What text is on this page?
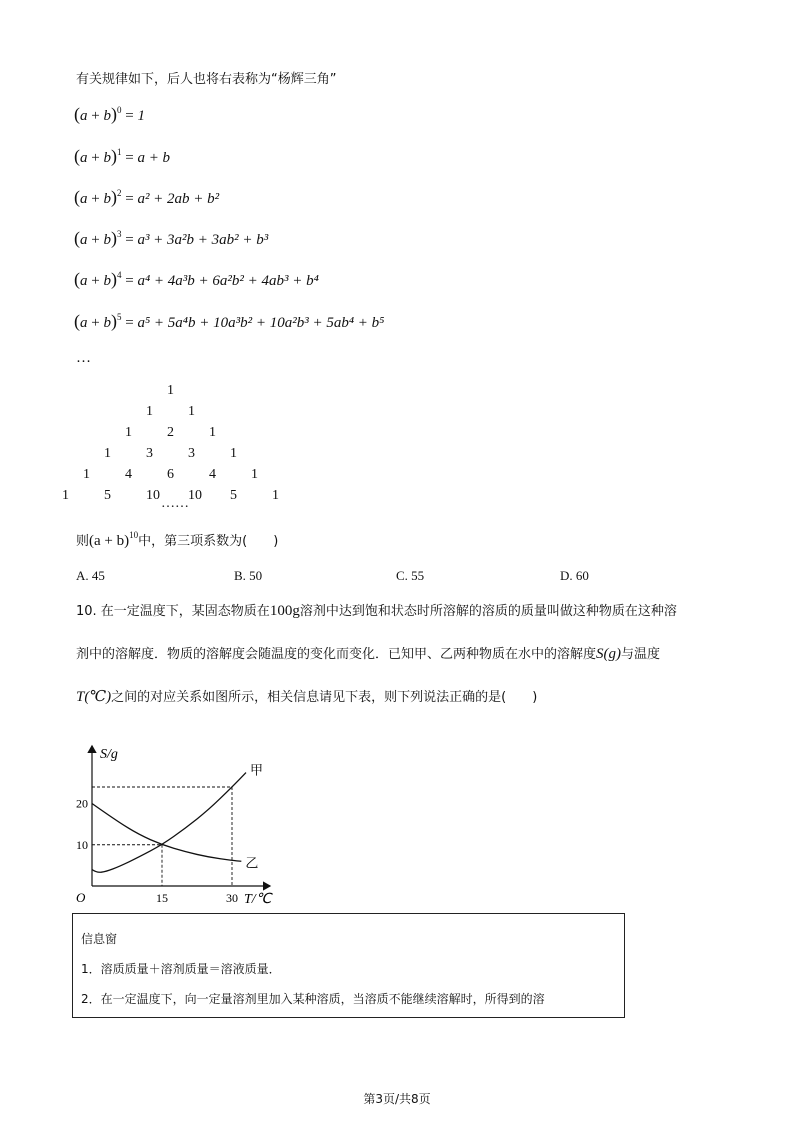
有关规律如下，后人也将右表称为“杨辉三角”
$(a + b)^0 = 1$
$(a + b)^1 = a + b$
$(a + b)^2 = a^2 + 2ab + b^2$
$(a + b)^3 = a^3 + 3a^2b + 3ab^2 + b^3$
$(a + b)^4 = a^4 + 4a^3b + 6a^2b^2 + 4ab^3 + b^4$
$(a + b)^5 = a^5 + 5a^4b + 10a^3b^2 + 10a^2b^3 + 5ab^4 + b^5$
…
1
1	1
1	2	1
1	3	3	1
1	4	6	4	1
1	5	10 10 5	1
……
则$(a + b)^{10}$中，第三项系数为(　　)
A. 45	B. 50	C. 55	D. 60
10. 在一定温度下，某固态物质在100g溶剂中达到饱和状态时所溶解的溶质的质量叫做这种物质在这种溶
剂中的溶解度．物质的溶解度会随温度的变化而变化．已知甲、乙两种物质在水中的溶解度S(g)与温度
T(℃)之间的对应关系如图所示，相关信息请见下表，则下列说法正确的是(　　)
甲
乙
15	30
10
20
O
S/g
T/℃
信息窗
1．溶质质量＋溶剂质量＝溶液质量．
2．在一定温度下，向一定量溶剂里加入某种溶质，当溶质不能继续溶解时，所得到的溶
第3页/共8页
